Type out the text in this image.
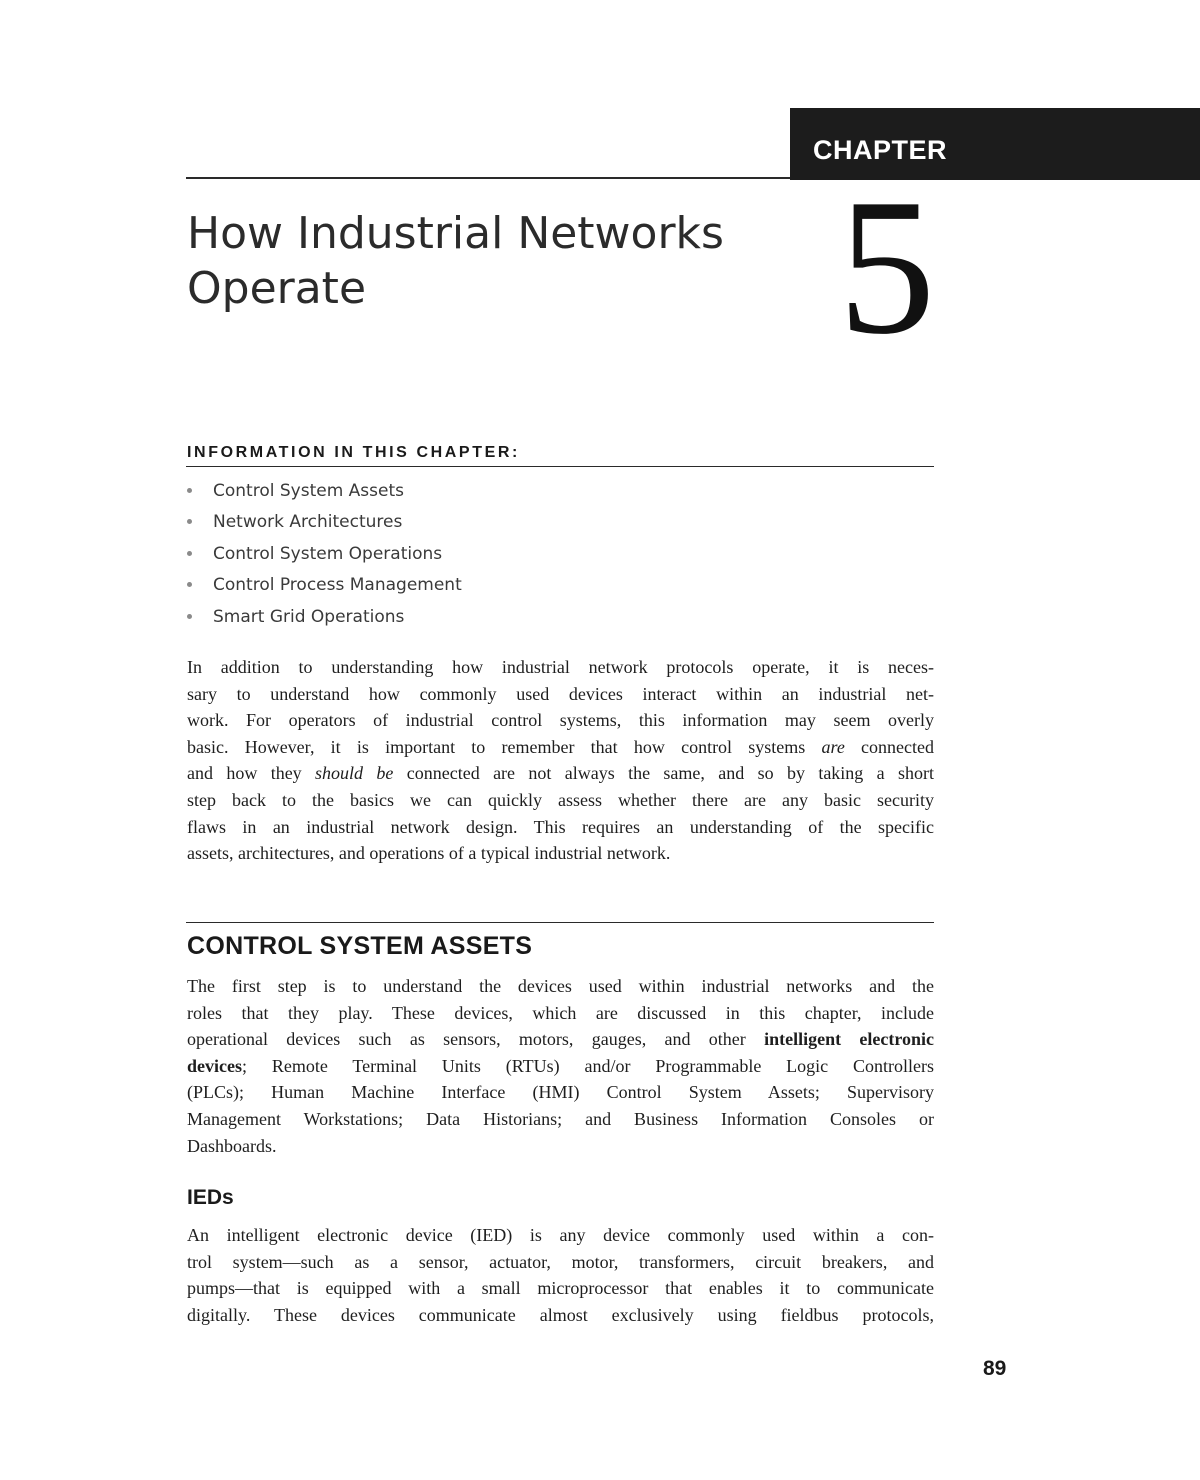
CHAPTER
How Industrial Networks
Operate	5
INFORMATION IN THIS CHAPTER:
Control System Assets
Network Architectures
Control System Operations
Control Process Management
Smart Grid Operations

In addition to understanding how industrial network protocols operate, it is neces-
sary to understand how commonly used devices interact within an industrial net-
work. For operators of industrial control systems, this information may seem overly
basic. However, it is important to remember that how control systems are connected
and how they should be connected are not always the same, and so by taking a short
step back to the basics we can quickly assess whether there are any basic security
flaws in an industrial network design. This requires an understanding of the specific
assets, architectures, and operations of a typical industrial network.

CONTROL SYSTEM ASSETS

The first step is to understand the devices used within industrial networks and the
roles that they play. These devices, which are discussed in this chapter, include
operational devices such as sensors, motors, gauges, and other intelligent electronic
devices; Remote Terminal Units (RTUs) and/or Programmable Logic Controllers
(PLCs); Human Machine Interface (HMI) Control System Assets; Supervisory
Management Workstations; Data Historians; and Business Information Consoles or
Dashboards.

IEDs

An intelligent electronic device (IED) is any device commonly used within a con-
trol system—such as a sensor, actuator, motor, transformers, circuit breakers, and
pumps—that is equipped with a small microprocessor that enables it to communicate
digitally. These devices communicate almost exclusively using fieldbus protocols,

89
